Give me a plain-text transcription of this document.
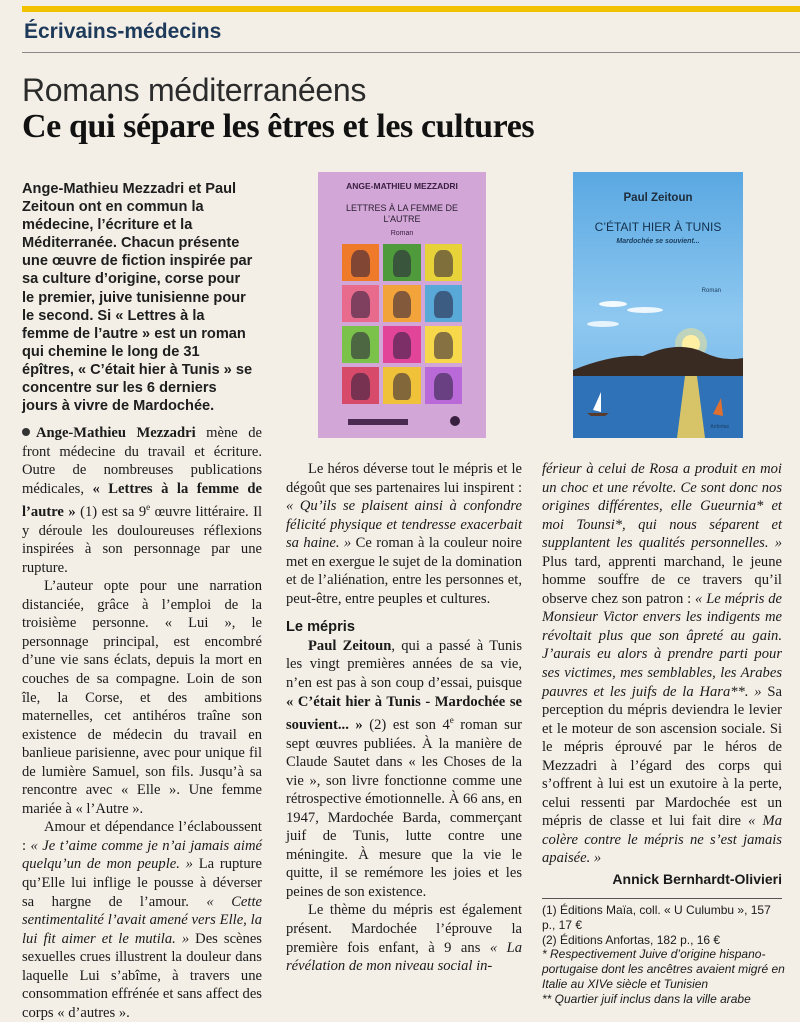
Écrivains-médecins
Romans méditerranéens
Ce qui sépare les êtres et les cultures
Ange-Mathieu Mezzadri et Paul Zeitoun ont en commun la médecine, l’écriture et la Méditerranée. Chacun présente une œuvre de fiction inspirée par sa culture d’origine, corse pour le premier, juive tunisienne pour le second. Si « Lettres à la femme de l’autre » est un roman qui chemine le long de 31 épîtres, « C’était hier à Tunis » se concentre sur les 6 derniers jours à vivre de Mardochée.
ANGE-MATHIEU MEZZADRI
LETTRES À LA FEMME DE L’AUTRE
Roman
Paul Zeitoun
C’ÉTAIT HIER À TUNIS
Mardochée se souvient...
Roman
Anfortas

Ange-Mathieu Mezzadri mène de front médecine du travail et écriture. Outre de nombreuses publications médicales, « Lettres à la femme de l’autre » (1) est sa 9e œuvre littéraire. Il y déroule les douloureuses réflexions inspirées à son personnage par une rupture.

L’auteur opte pour une narration distanciée, grâce à l’emploi de la troisième personne. « Lui », le personnage principal, est encombré d’une vie sans éclats, depuis la mort en couches de sa compagne. Loin de son île, la Corse, et des ambitions maternelles, cet antihéros traîne son existence de médecin du travail en banlieue parisienne, avec pour unique fil de lumière Samuel, son fils. Jusqu’à sa rencontre avec « Elle ». Une femme mariée à « l’Autre ».

Amour et dépendance l’éclaboussent : « Je t’aime comme je n’ai jamais aimé quelqu’un de mon peuple. » La rupture qu’Elle lui inflige le pousse à déverser sa hargne de l’amour. « Cette sentimentalité l’avait amené vers Elle, la lui fit aimer et le mutila. » Des scènes sexuelles crues illustrent la douleur dans laquelle Lui s’abîme, à travers une consommation effrénée et sans affect des corps « d’autres ».

Le héros déverse tout le mépris et le dégoût que ses partenaires lui inspirent : « Qu’ils se plaisent ainsi à confondre félicité physique et tendresse exacerbait sa haine. » Ce roman à la couleur noire met en exergue le sujet de la domination et de l’aliénation, entre les personnes et, peut-être, entre peuples et cultures.

Le mépris

Paul Zeitoun, qui a passé à Tunis les vingt premières années de sa vie, n’en est pas à son coup d’essai, puisque « C’était hier à Tunis - Mardochée se souvient... » (2) est son 4e roman sur sept œuvres publiées. À la manière de Claude Sautet dans « les Choses de la vie », son livre fonctionne comme une rétrospective émotionnelle. À 66 ans, en 1947, Mardochée Barda, commerçant juif de Tunis, lutte contre une méningite. À mesure que la vie le quitte, il se remémore les joies et les peines de son existence.

Le thème du mépris est également présent. Mardochée l’éprouve la première fois enfant, à 9 ans « La révélation de mon niveau social in-

férieur à celui de Rosa a produit en moi un choc et une révolte. Ce sont donc nos origines différentes, elle Gueurnia* et moi Tounsi*, qui nous séparent et supplantent les qualités personnelles. » Plus tard, apprenti marchand, le jeune homme souffre de ce travers qu’il observe chez son patron : « Le mépris de Monsieur Victor envers les indigents me révoltait plus que son âpreté au gain. J’aurais eu alors à prendre parti pour ses victimes, mes semblables, les Arabes pauvres et les juifs de la Hara**. » Sa perception du mépris deviendra le levier et le moteur de son ascension sociale. Si le mépris éprouvé par le héros de Mezzadri à l’égard des corps qui s’offrent à lui est un exutoire à la perte, celui ressenti par Mardochée est un mépris de classe et lui fait dire « Ma colère contre le mépris ne s’est jamais apaisée. »

Annick Bernhardt-Olivieri

(1) Éditions Maïa, coll. « U Culumbu », 157 p., 17 €

(2) Éditions Anfortas, 182 p., 16 €

* Respectivement Juive d’origine hispano-portugaise dont les ancêtres avaient migré en Italie au XIVe siècle et Tunisien

** Quartier juif inclus dans la ville arabe
